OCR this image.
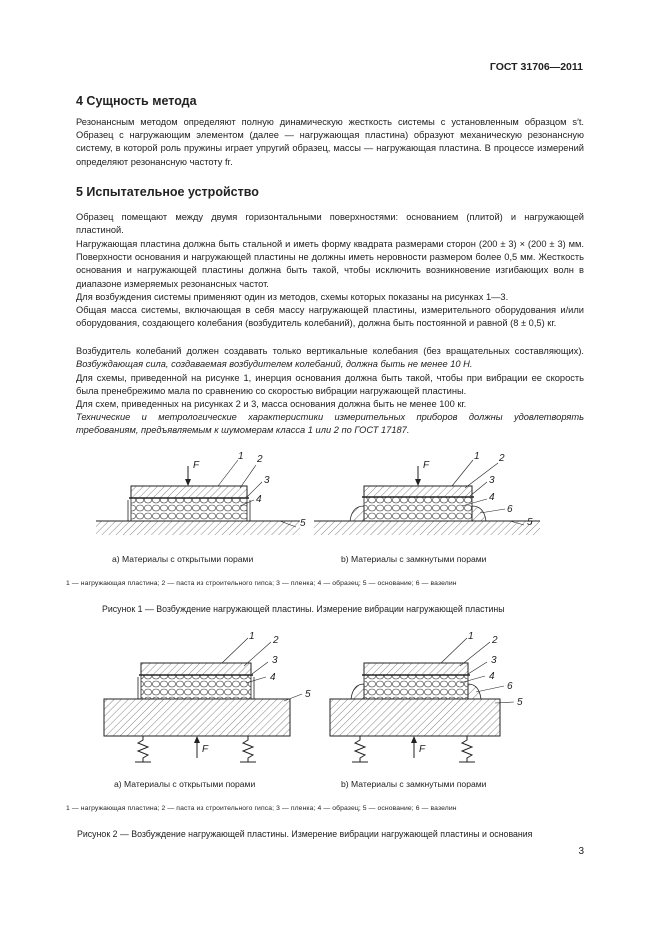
ГОСТ 31706—2011
4 Сущность метода

Резонансным методом определяют полную динамическую жесткость системы с установленным образцом s′t. Образец с нагружающим элементом (далее — нагружающая пластина) образуют механическую резонансную систему, в которой роль пружины играет упругий образец, массы — нагружающая пластина. В процессе измерений определяют резонансную частоту fr.

5 Испытательное устройство

Образец помещают между двумя горизонтальными поверхностями: основанием (плитой) и нагружающей пластиной.

Нагружающая пластина должна быть стальной и иметь форму квадрата размерами сторон (200 ± 3) × (200 ± 3) мм. Поверхности основания и нагружающей пластины не должны иметь неровности размером более 0,5 мм. Жесткость основания и нагружающей пластины должна быть такой, чтобы исключить возникновение изгибающих волн в диапазоне измеряемых резонансных частот.

Для возбуждения системы применяют один из методов, схемы которых показаны на рисунках 1—3.

Общая масса системы, включающая в себя массу нагружающей пластины, измерительного оборудования и/или оборудования, создающего колебания (возбудитель колебаний), должна быть постоянной и равной (8 ± 0,5) кг.

Возбудитель колебаний должен создавать только вертикальные колебания (без вращательных составляющих). Возбуждающая сила, создаваемая возбудителем колебаний, должна быть не менее 10 Н.

Для схемы, приведенной на рисунке 1, инерция основания должна быть такой, чтобы при вибрации ее скорость была пренебрежимо мала по сравнению со скоростью вибрации нагружающей пластины.

Для схем, приведенных на рисунках 2 и 3, масса основания должна быть не менее 100 кг.

Технические и метрологические характеристики измерительных приборов должны удовлетворять требованиям, предъявляемым к шумомерам класса 1 или 2 по ГОСТ 17187.

F
1 2
3
4
5
F
1 2
3
4
6
5
F
1 2
3
4
5
F
1 2
3
4
6
5
а) Материалы с открытыми порами	b) Материалы с замкнутыми порами
1 — нагружающая пластина; 2 — паста из строительного гипса; 3 — пленка; 4 — образец; 5 — основание; 6 — вазелин
Рисунок 1 — Возбуждение нагружающей пластины. Измерение вибрации нагружающей пластины
а) Материалы с открытыми порами	b) Материалы с замкнутыми порами
1 — нагружающая пластина; 2 — паста из строительного гипса; 3 — пленка; 4 — образец; 5 — основание; 6 — вазелин
Рисунок 2 — Возбуждение нагружающей пластины. Измерение вибрации нагружающей пластины и основания
3
